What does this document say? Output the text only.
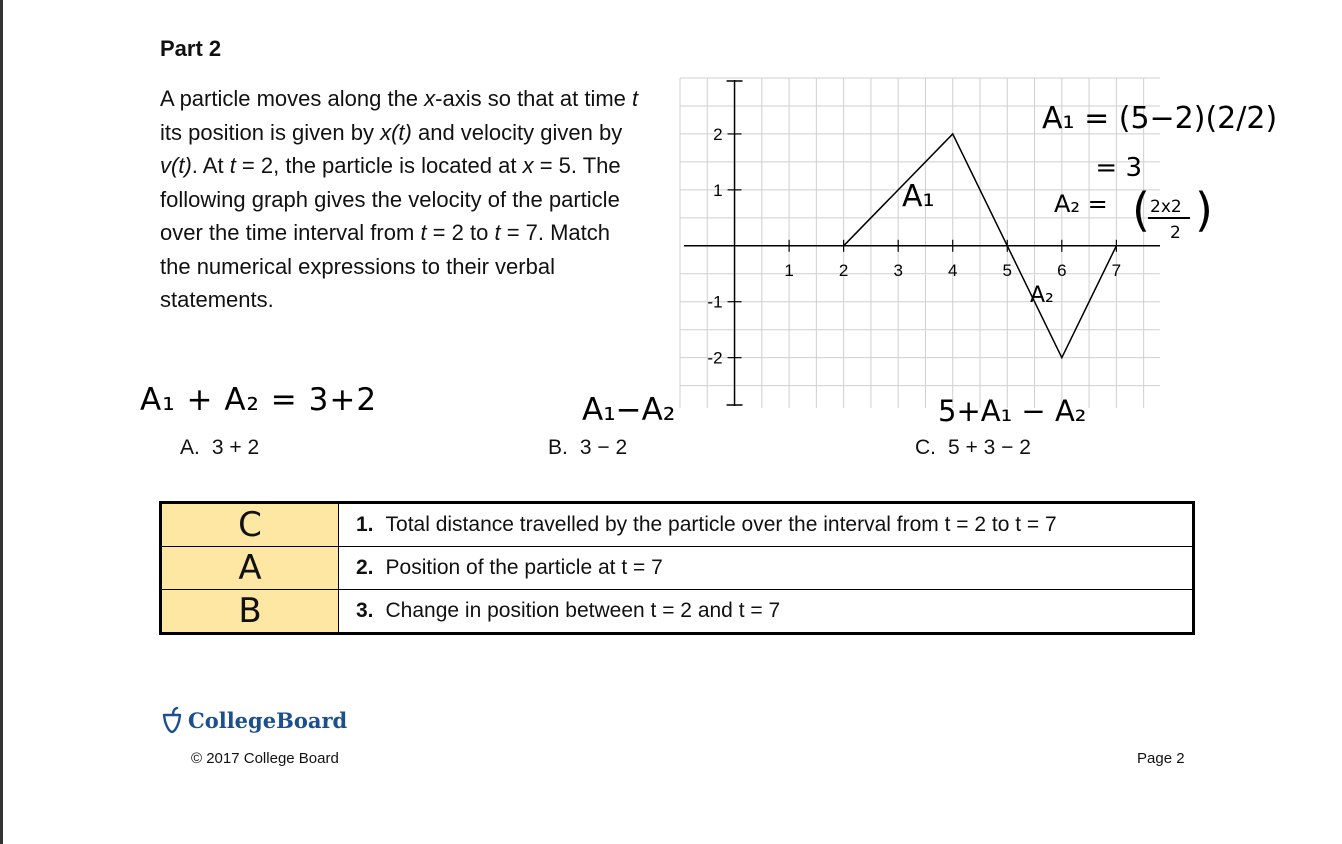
Part 2

A particle moves along the x-axis so that at time t its position is given by x(t) and velocity given by v(t). At t = 2, the particle is located at x = 5. The following graph gives the velocity of the particle over the time interval from t = 2 to t = 7. Match the numerical expressions to their verbal statements.

1	2	3	4	5	6	7
2
1
-1
-2
A₁
A₂
A₁ = (5−2)(2/2)
= 3
A₂ = ( 2x2
2 )
A₁ + A₂ = 3+2	A₁−A₂	5+A₁ − A₂
A. 3 + 2	B. 3 − 2	C. 5 + 3 − 2
C	1. Total distance travelled by the particle over the interval from t = 2 to t = 7
A	2. Position of the particle at t = 7
B	3. Change in position between t = 2 and t = 7
CollegeBoard
© 2017 College Board	Page 2
